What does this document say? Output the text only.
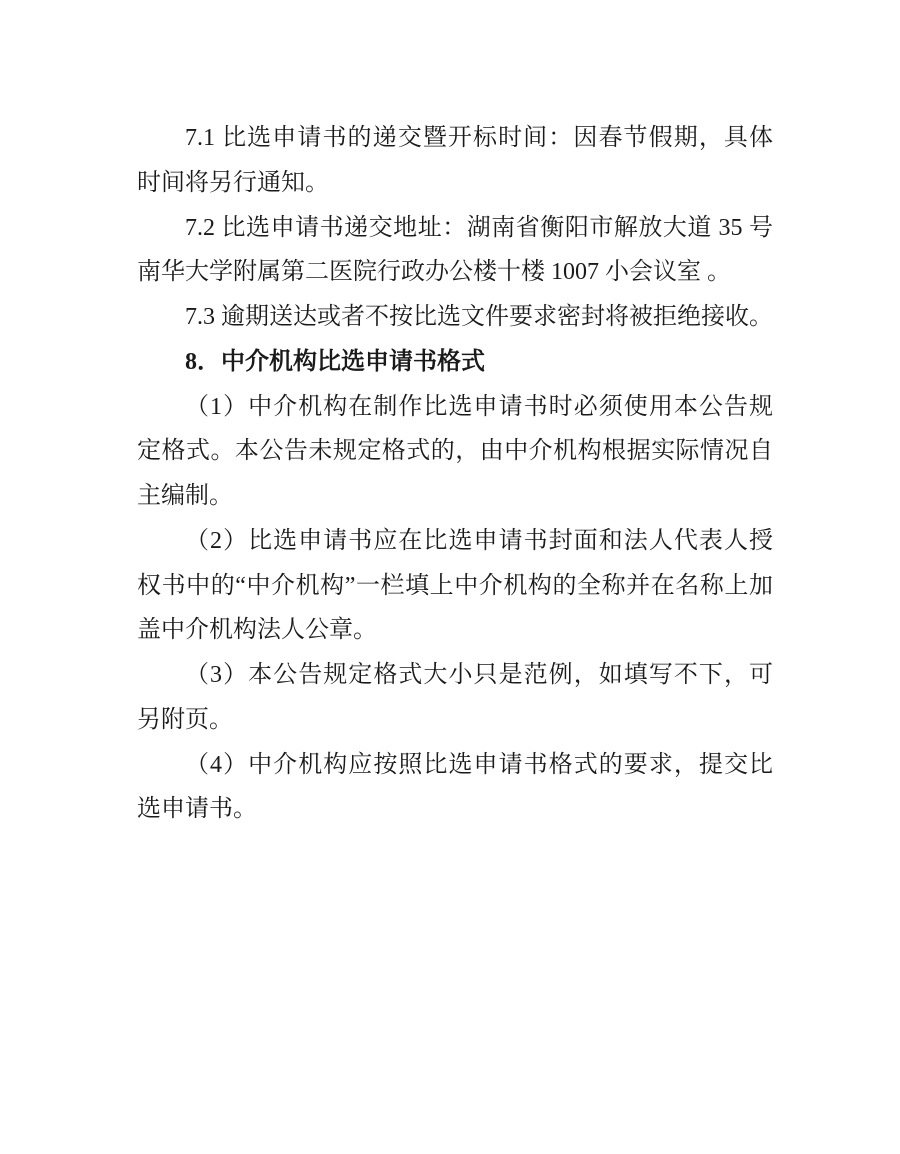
7.1 比选申请书的递交暨开标时间：因春节假期，具体
时间将另行通知。

7.2 比选申请书递交地址：湖南省衡阳市解放大道 35 号
南华大学附属第二医院行政办公楼十楼 1007 小会议室 。

7.3 逾期送达或者不按比选文件要求密封将被拒绝接收。

8．中介机构比选申请书格式

（1）中介机构在制作比选申请书时必须使用本公告规
定格式。本公告未规定格式的，由中介机构根据实际情况自
主编制。

（2）比选申请书应在比选申请书封面和法人代表人授
权书中的“中介机构”一栏填上中介机构的全称并在名称上加
盖中介机构法人公章。

（3）本公告规定格式大小只是范例，如填写不下，可
另附页。

（4）中介机构应按照比选申请书格式的要求，提交比
选申请书。
